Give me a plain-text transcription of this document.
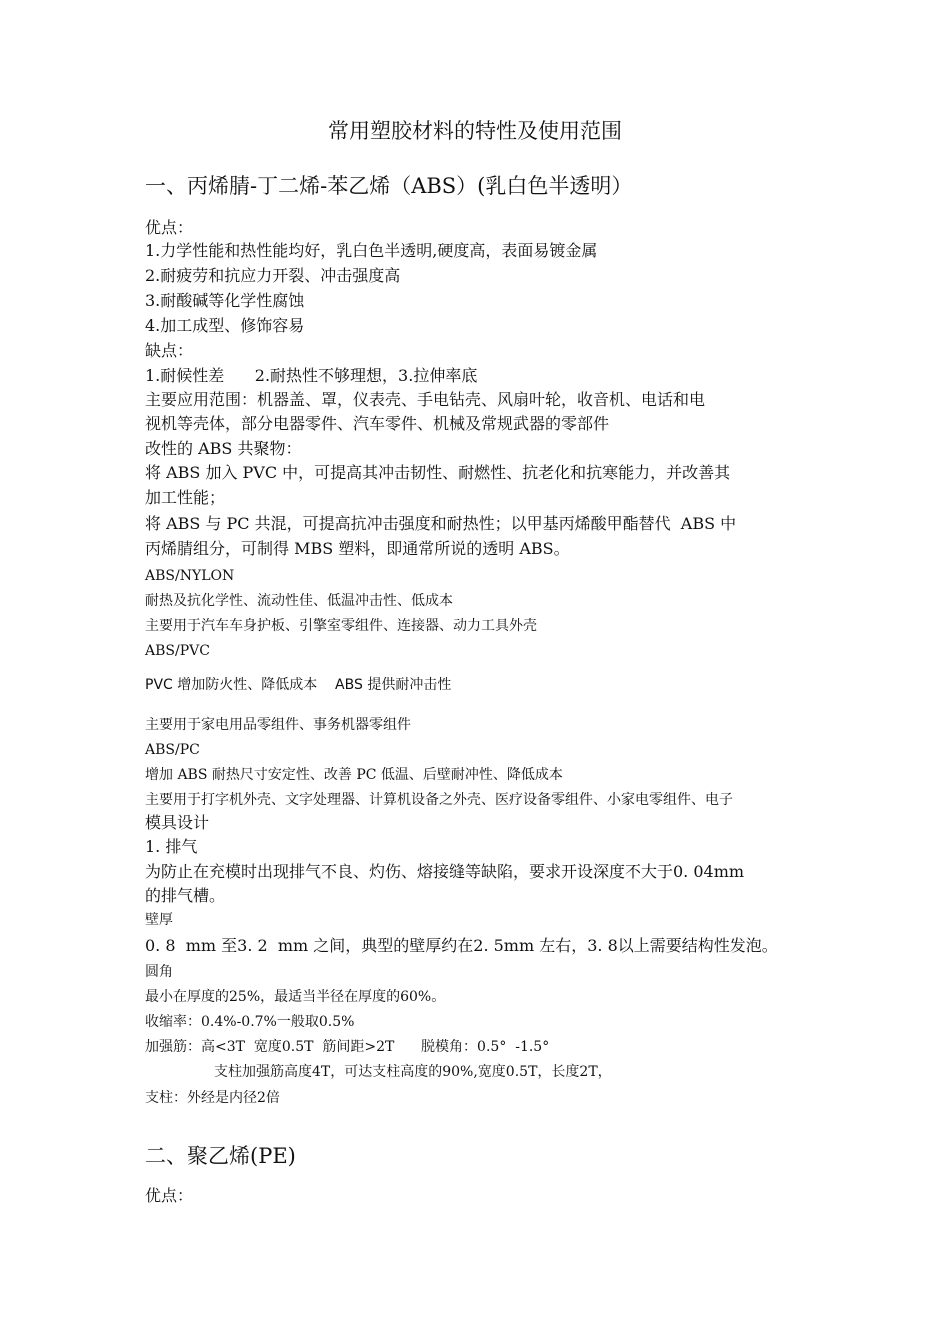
常用塑胶材料的特性及使用范围
一、丙烯腈-丁二烯-苯乙烯（ABS）(乳白色半透明）
优点：
1.力学性能和热性能均好，乳白色半透明,硬度高，表面易镀金属
2.耐疲劳和抗应力开裂、冲击强度高
3.耐酸碱等化学性腐蚀
4.加工成型、修饰容易
缺点：
1.耐候性差      2.耐热性不够理想，3.拉伸率底
主要应用范围：机器盖、罩，仪表壳、手电钻壳、风扇叶轮，收音机、电话和电
视机等壳体，部分电器零件、汽车零件、机械及常规武器的零部件
改性的 ABS 共聚物：
将 ABS 加入 PVC 中，可提高其冲击韧性、耐燃性、抗老化和抗寒能力，并改善其
加工性能；
将 ABS 与 PC 共混，可提高抗冲击强度和耐热性；以甲基丙烯酸甲酯替代  ABS 中
丙烯腈组分，可制得 MBS 塑料，即通常所说的透明 ABS。
ABS/NYLON
耐热及抗化学性、流动性佳、低温冲击性、低成本
主要用于汽车车身护板、引擎室零组件、连接器、动力工具外壳
ABS/PVC
PVC 增加防火性、降低成本    ABS 提供耐冲击性
主要用于家电用品零组件、事务机器零组件
ABS/PC
增加 ABS 耐热尺寸安定性、改善 PC 低温、后壁耐冲性、降低成本
主要用于打字机外壳、文字处理器、计算机设备之外壳、医疗设备零组件、小家电零组件、电子
模具设计
1. 排气
为防止在充模时出现排气不良、灼伤、熔接缝等缺陷，要求开设深度不大于0. 04mm
的排气槽。
壁厚
0. 8  mm 至3. 2  mm 之间，典型的壁厚约在2. 5mm 左右，3. 8以上需要结构性发泡。
圆角
最小在厚度的25%，最适当半径在厚度的60%。
收缩率：0.4%-0.7%一般取0.5%
加强筋：高<3T  宽度0.5T  筋间距>2T      脱模角：0.5°  -1.5°
支柱加强筋高度4T，可达支柱高度的90%,宽度0.5T，长度2T，
支柱：外经是内径2倍
二、聚乙烯(PE)
优点：
